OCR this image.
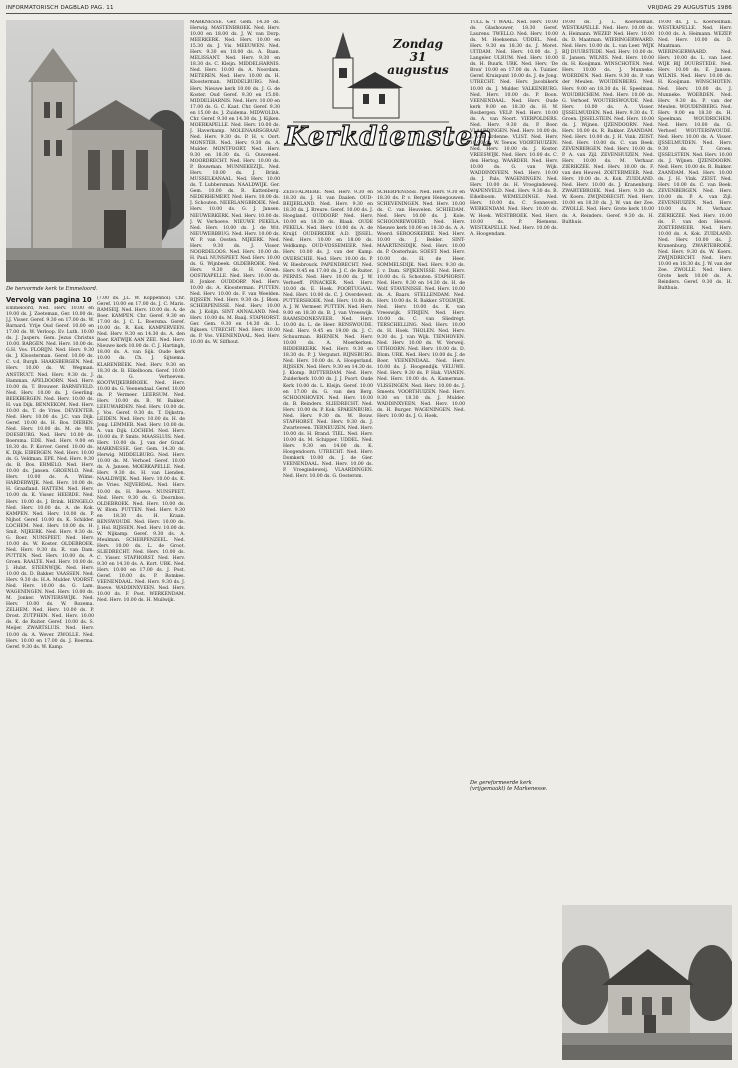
INFORMATORISCH DAGBLAD PAG. 11	VRIJDAG 29 AUGUSTUS 1986
De hervormde kerk te Emmeloord.
Vervolg van pagina 10
Emmeloord, Ned. Herv. 10.00 en 19.00 ds. J. Zoeteman, Ger. 10.00 ds. J.J. Visser. Geref. 9.30 en 17.00 ds. W. Barnard. Vrije Oud Geref. 10.00 en 17.00 ds. W. Verloop. Ev. Luth. 10.00 ds. J. Jaspers. Gem. Jezus Christus 10.00. BARGEN. Ned. Herv. 10.00 ds. G.H. Vos. FLORIJN. Ned. Herv. 9.30 ds. J. Kloosterman. Geref. 10.00 ds. C. v.d. Burgh. HAAKSBERGEN. Ned. Herv. 10.00 ds. W. Wegman. ANSTRUCT. Ned. Herv. 9.30 ds. J. Hamman. APELDOORN. Ned. Herv. 10.00 ds. T. Brouwer. BARNEVELD. Ned. Herv. 10.00 ds. J. Geerling. BEEKBERGEN. Ned. Herv. 10.00 ds. H. van Dijk. BENNEKOM. Ned. Herv. 10.00 ds. T. de Vries. DEVENTER. Ned. Herv. 10.00 ds. J.C. van Dijk. Geref. 10.00 ds. H. Bos. DIEREN. Ned. Herv. 10.00 ds. M. de Wit. DOESBURG. Ned. Herv. 10.00 ds. Boersma. EDE. Ned. Herv. 9.00 en 18.30 ds. P. Korver. Geref. 10.00 ds. K. Dijk. EIBERGEN. Ned. Herv. 10.00 ds. G. Veldman. EPE. Ned. Herv. 9.30 ds. B. Bos. ERMELO. Ned. Herv. 10.00 ds. Jansen. GROENLO. Ned. Herv. 10.00 ds. A. Wilms. HARDERWIJK. Ned. Herv. 10.00 ds. H. Graafland. HATTEM. Ned. Herv. 10.00 ds. K. Visser. HEERDE. Ned. Herv. 10.00 ds. J. Brink. HENGELO. Ned. Herv. 10.00 ds. A. de Kok. KAMPEN. Ned. Herv. 10.00 ds. P. Nijhof. Geref. 10.00 ds. K. Schilder. LOCHEM. Ned. Herv. 10.00 ds. H. Smit. NIJKERK. Ned. Herv. 9.30 ds. G. Boer. NUNSPEET. Ned. Herv. 10.00 ds. W. Koster. OLDEBROEK. Ned. Herv. 9.30 ds. R. van Dam. PUTTEN. Ned. Herv. 10.00 ds. A. Groen. RAALTE. Ned. Herv. 10.00 ds. J. Hulst. STEENWIJK. Ned. Herv. 10.00 ds. D. Bakker. VAASSEN. Ned. Herv. 9.30 ds. H.A. Mulder. VOORST. Ned. Herv. 10.00 ds. G. Lam. WAGENINGEN. Ned. Herv. 10.00 ds. M. Jonker. WINTERSWIJK. Ned. Herv. 10.00 ds. W. Rozema. ZELHEM. Ned. Herv. 10.00 ds. P. Drost. ZUTPHEN. Ned. Herv. 10.00 ds. K. de Ruiter. Geref. 10.00 ds. S. Meijer. ZWARTSLUIS. Ned. Herv. 10.00 ds. A. Wever. ZWOLLE. Ned. Herv. 10.00 en 17.00 ds. J. Boerma. Geref. 9.30 ds. W. Kamp.
(7.00 ds. J.L. W. Koppenhol). Chr. Geref. 10.00 en 17.00 ds. J. C. Maris. RAMSEIJ. Ned. Herv. 10.00 ds. A. de Boer. KAMPEN. Chr. Geref. 9.30 en 17.00 ds. J. C. L. Boersma. Geref. 10.00 ds. R. Kok. KAMPERVEEN. Ned. Herv. 9.30 en 14.30 ds. A. den Boer. KATWIJK AAN ZEE. Ned. Herv. Nieuwe kerk 10.00 ds. C. J. Hartingh, 18.00 ds. A. van Sijk. Oude kerk 10.00 ds. Ch. J. Sijtsema. KLARENBEEK. Ned. Herv. 9.30 en 18.30 ds. B. Eikelboom. Geref. 10.00 ds. G. Verhoeven. KOOTWIJKERBROEK. Ned. Herv. 10.00 ds. G. Veenendaal. Geref. 10.00 ds. P. Vermeer. LEERSUM. Ned. Herv. 10.00 ds. B. W. Bakker. LEEUWARDEN. Ned. Herv. 10.00 ds. J. Vos. Geref. 9.30 ds. T. Dijkstra. LEIDEN. Ned. Herv. 10.00 ds. H. de Jong. LEMMER. Ned. Herv. 10.00 ds. A. van Dijk. LOCHEM. Ned. Herv. 10.00 ds. P. Smits. MAASSLUIS. Ned. Herv. 10.00 ds. J. van der Graaf. MARKNESSE. Ger. Gem. 14.30 ds. Herwig. MIDDELBURG. Ned. Herv. 10.00 ds. M. Verhoef. Geref. 10.00 ds. A. Jansen. MOERKAPELLE. Ned. Herv. 9.30 ds. H. van Lienden. NAALDWIJK. Ned. Herv. 10.00 ds. K. de Vries. NIJVERDAL. Ned. Herv. 10.00 ds. H. Boeve. NUNSPEET. Ned. Herv. 9.30 ds. G. Doornbos. OLDEBROEK. Ned. Herv. 10.00 ds. W. Blom. PUTTEN. Ned. Herv. 9.30 en 18.30 ds. H. Kraan. RENSWOUDE. Ned. Herv. 10.00 ds. J. Hol. RIJSSEN. Ned. Herv. 10.00 ds. W. Nijkamp. Geref. 9.30 ds. A. Meulman. SCHERPENZEEL. Ned. Herv. 10.00 ds. L. de Groot. SLIEDRECHT. Ned. Herv. 10.00 ds. C. Visser. STAPHORST. Ned. Herv. 9.30 en 14.30 ds. A. Kort. URK. Ned. Herv. 10.00 en 17.00 ds. J. Post. Geref. 10.00 ds. P. Romkes. VEENENDAAL. Ned. Herv. 9.30 ds. J. Boeve. WADDINXVEEN. Ned. Herv. 10.00 ds. F. Post. WERKENDAM. Ned. Herv. 10.00 ds. H. Muilwijk.
MARKNESSE. Ger. Gem. 14.30 ds. Herwig. MASTENBROEK. Ned. Herv. 10.00 en 18.00 ds. J. W. van Dorp. MEERKERK. Ned. Herv. 10.00 en 15.30 ds. J. Vis. MEEUWEN. Ned. Herv. 9.30 en 18.00 ds. A. Baan. MELISSANT. Ned. Herv. 9.30 en 18.30 ds. C. Kleijn. MIDDELHARNIS. Ned. Herv. 10.00 ds. A. Noordam. METEREN. Ned. Herv. 10.00 ds. H. Kloosterman. MIDDELBURG. Ned. Herv. Nieuwe kerk 10.00 ds. J. G. de Koster. Oud Geref. 9.30 en 15.00. MIDDELHARNIS. Ned. Herv. 10.00 en 17.00 ds. G. C. Kaat. Chr. Geref. 9.30 en 15.00 ds. J. Zuidema. MIDWOLDA. Chr. Geref. 9.30 en 14.30 ds. J. Kijken. MOERKAPELLE. Ned. Herv. 10.00 ds. J. Haverkamp. MOLENAARSGRAAF. Ned. Herv. 9.30 ds. P. H. v. Oort. MONSTER. Ned. Herv. 9.30 ds. A. Mulder. MONTFOORT. Ned. Herv. 9.30 en 18.30 ds. G. Ouweneel. MOORDRECHT. Ned. Herv. 10.00 ds. P. Bouwman. MUNNEKEZIJL. Ned. Herv. 10.00 ds. J. Brink. MUSSELKANAAL. Ned. Herv. 10.00 ds. T. Lubbersman. NAALDWIJK. Ger. Gem. 10.00 ds. R. Kattenberg. NEDERHEMERT. Ned. Herv. 10.00 ds. J. Schouten. NEERLANGBROEK. Ned. Herv. 10.00 ds. G. J. Jansen. NIEUWERKERK. Ned. Herv. 10.00 ds. J. W. Verhoeve. NIEUWE PEKELA. Ned. Herv. 10.00 ds. J. de Wit. NIEUWERBRUG. Ned. Herv. 10.00 ds. W. P. van Oosten. NIJKERK. Ned. Herv. 9.30 ds. J. Visser. NOORDELOOS. Ned. Herv. 10.00 ds. H. Paul. NUNSPEET. Ned. Herv. 10.00 ds. G. Wijnbeek. OLDEBROEK. Ned. Herv. 9.30 ds. H. Groen. OOSTKAPELLE. Ned. Herv. 10.00 ds. B. Jonker. OUDDORP. Ned. Herv. 10.00 ds. A. Kloosterman. PUTTEN. Ned. Herv. 10.00 ds. F. van Weelden. RIJSSEN. Ned. Herv. 9.30 ds. J. Blom. SCHERPENISSE. Ned. Herv. 10.00 ds. J. Kolijn. SINT ANNALAND. Ned. Herv. 10.00 ds. M. Baaij. STAPHORST. Ger. Gem. 9.30 en 14.30 ds. L. Rijksen. UTRECHT. Ned. Herv. 10.00 ds. P. Vos. VEENENDAAL. Ned. Herv. 10.00 ds. W. Silfhout.
Zondag
31 augustus
Kerkdiensten
ZEIST-ALMERE. Ned. Herv. 9.30 en 18.30 ds. J. H. van Daalen. OUD-BEIJERLAND. Ned. Herv. 9.30 en 18.30 ds. J. Breure. Geref. 10.00 ds. J. Hoogland. OUDDORP. Ned. Herv. 10.00 en 18.30 ds. Blaak. OUDE PEKELA. Ned. Herv. 10.00 ds. A. de Kruijf. OUDERKERK A.D. IJSSEL. Ned. Herv. 10.00 en 18.00 ds. Veldkamp. OUD-VOSSEMEER. Ned. Herv. 10.00 ds. J. van der Kamp. OVERSCHIE. Ned. Herv. 10.00 ds. P. W. Biesbrouck. PAPENDRECHT. Ned. Herv. 9.45 en 17.00 ds. J. C. de Ruiter. PERNIS. Ned. Herv. 10.00 ds. J. W. Verhoeff. PINACKER. Ned. Herv. 10.00 ds. E. Hoek. POORTUGAAL. Ned. Herv. 10.00 ds. C. J. Overdevest. PUTTERSHOEK. Ned. Herv. 10.00 ds. A. J. W. Vermeer. PUTTEN. Ned. Herv. 9.00 en 18.30 ds. B. J. van Vreeswijk. RAAMSDONKSVEER. Ned. Herv. 10.00 ds. L. de Heer. RENSWOUDE. Ned. Herv. 9.45 en 19.00 ds. J. C. Schuurman. RHENEN. Ned. Herv. 10.00 ds. A. Moerkerken. RIDDERKERK. Ned. Herv. 9.30 en 18.30 ds. P. J. Vergunst. RIJNSBURG. Ned. Herv. 10.00 ds. A. Hoogerland. RIJSSEN. Ned. Herv. 9.30 en 14.30 ds. J. Klomp. ROTTERDAM. Ned. Herv. Zuiderkerk 10.00 ds. J. J. Poort. Oude Kerk 10.00 ds. L. Kleijn. Geref. 10.00 en 17.00 ds. G. van den Berg. SCHOONHOVEN. Ned. Herv. 10.00 ds. B. Reinders. SLIEDRECHT. Ned. Herv. 10.00 ds. P. Kok. SPAKENBURG. Ned. Herv. 9.30 ds. W. Bouw. STAPHORST. Ned. Herv. 9.30 ds. J. Zwarteveen. TERNEUZEN. Ned. Herv. 10.00 ds. H. Brand. TIEL. Ned. Herv. 10.00 ds. M. Schipper. UDDEL. Ned. Herv. 9.30 en 14.00 ds. K. Hoogendoorn. UTRECHT. Ned. Herv. Domkerk 10.00 ds. J. de Gier. VEENENDAAL. Ned. Herv. 10.00 ds. P. Vroegindeweij. VLAARDINGEN. Ned. Herv. 10.00 ds. G. Oosterom.
SCHERPENISSE. Ned. Herv. 9.30 en 18.30 ds. P. v. Bergen Henegouwen. SCHEVENINGEN. Ned. Herv. 10.00 ds. C. van Heuvelen. SCHIEDAM. Ned. Herv. 10.00 ds. J. Kole. SCHOONREWOERD. Ned. Herv. Nieuwe kerk 10.00 en 18.30 ds. A. A. Woerd. SEROOSKERKE. Ned. Herv. 10.00 ds. J. Belder. SINT-MAARTENSDIJK. Ned. Herv. 10.00 ds. P. Oosterhuis. SOEST. Ned. Herv. 10.00 ds. H. de Heer. SOMMELSDIJK. Ned. Herv. 9.30 ds. J. v. Dam. SPIJKENISSE. Ned. Herv. 10.00 ds. G. Schouten. STAPHORST. Ned. Herv. 9.30 en 14.30 ds. H. de Wolf. STAVENISSE. Ned. Herv. 10.00 ds. A. Baars. STELLENDAM. Ned. Herv. 10.00 ds. R. Bakker. STOLWIJK. Ned. Herv. 10.00 ds. K. van Vreeswijk. STRIJEN. Ned. Herv. 10.00 ds. C. van Sliedregt. TERSCHELLING. Ned. Herv. 10.00 ds. H. Hoek. THOLEN. Ned. Herv. 9.30 ds. J. van Wijk. TIENHOVEN. Ned. Herv. 10.00 ds. W. Verweij. UITHOORN. Ned. Herv. 10.00 ds. D. Blom. URK. Ned. Herv. 10.00 ds. J. de Boer. VEENENDAAL. Ned. Herv. 10.00 ds. J. Hoogendijk. VELUWE. Ned. Herv. 9.30 ds. P. Hak. VIANEN. Ned. Herv. 10.00 ds. A. Kamerman. VLISSINGEN. Ned. Herv. 10.00 ds. J. Smeets. VOORTHUIZEN. Ned. Herv. 9.30 en 18.30 ds. J. Mulder. WADDINXVEEN. Ned. Herv. 10.00 ds. H. Burger. WAGENINGEN. Ned. Herv. 10.00 ds. J. G. Hoek.
TULL & 'T WAAL. Ned. Herv. 10.00 ds. Glashouwer, 18.30 Geref. Laurens. TWELLO. Ned. Herv. 10.00 ds. M. Hoeksema. UDDEL. Ned. Herv. 9.30 en 18.30 ds. J. Moret. UITDAM. Ned. Herv. 10.00 ds. J. Langeler. ULRUM. Ned. Herv. 10.00 ds. H. Buurk. URK. Ned. Herv. 'De Bron' 10.00 en 17.00 ds. A. Tuinier. Geref. Kruispunt 10.00 ds. J. de Jong. UTRECHT. Ned. Herv. Jacobikerk 10.00 ds. J. Mulder. VALKENBURG. Ned. Herv. 10.00 ds. P. Boon. VEENENDAAL. Ned. Herv. Oude kerk 9.00 en 18.30 ds. H. W. Rosbergen. VELP. Ned. Herv. 10.00 ds. A. van Noort. VIERPOLDERS. Ned. Herv. 9.30 ds. P. Boer. VLAARDINGEN. Ned. Herv. 10.00 ds. J. van Ardenne. VLIST. Ned. Herv. 10.00 ds. W. Teeuw. VOORTHUIZEN. Ned. Herv. 10.00 ds. J. Koster. VREESWIJK. Ned. Herv. 10.00 ds. C. den Hertog. WAARDER. Ned. Herv. 10.00 ds. G. van Wijk. WADDINXVEEN. Ned. Herv. 10.00 ds. J. Pals. WAGENINGEN. Ned. Herv. 10.00 ds. H. Vroegindeweij. WAPENVELD. Ned. Herv. 9.30 ds. B. Eikelboom. WEMELDINGE. Ned. Herv. 10.00 ds. C. Sonnevelt. WERKENDAM. Ned. Herv. 10.00 ds. W. Hoek. WESTBROEK. Ned. Herv. 10.00 ds. P. Riemens. WESTKAPELLE. Ned. Herv. 10.00 ds. A. Hoogendam.
19.00 ds. J. L. Koerselman. WESTKAPELLE. Ned. Herv. 10.00 ds. A. Heimann. WEZEP. Ned. Herv. 10.00 ds. D. Maatman. WIERINGERWAARD. Ned. Herv. 10.00 ds. L. van Leer. WIJK BIJ DUURSTEDE. Ned. Herv. 10.00 ds. E. Jansen. WILNIS. Ned. Herv. 10.00 ds. H. Kooijman. WINSCHOTEN. Ned. Herv. 10.00 ds. J. Munneke. WOERDEN. Ned. Herv. 9.30 ds. P. van der Meulen. WOUDENBERG. Ned. Herv. 9.00 en 18.30 ds. H. Speelman. WOUDRICHEM. Ned. Herv. 10.00 ds. G. Verhoef. WOUTERSWOUDE. Ned. Herv. 10.00 ds. A. Visser. IJSSELMUIDEN. Ned. Herv. 9.30 ds. T. Groen. IJSSELSTEIN. Ned. Herv. 10.00 ds. J. Wijnen. IJZENDOORN. Ned. Herv. 10.00 ds. R. Bakker. ZAANDAM. Ned. Herv. 10.00 ds. J. H. Vink. ZEIST. Ned. Herv. 10.00 ds. C. van Beek. ZEVENBERGEN. Ned. Herv. 10.00 ds. P. A. van Zijl. ZEVENHUIZEN. Ned. Herv. 10.00 ds. M. Verhaar. ZIERIKZEE. Ned. Herv. 10.00 ds. F. van den Heuvel. ZOETERMEER. Ned. Herv. 10.00 ds. A. Kok. ZUIDLAND. Ned. Herv. 10.00 ds. J. Kranenburg. ZWARTEBROEK. Ned. Herv. 9.30 ds. W. Koers. ZWIJNDRECHT. Ned. Herv. 10.00 en 18.30 ds. J. W. van der Zee. ZWOLLE. Ned. Herv. Grote kerk 10.00 ds. A. Reinders. Geref. 9.30 ds. H. Bulthuis.
19.00 ds. J. L. Koerselman. WESTKAPELLE. Ned. Herv. 10.00 ds. A. Heimann. WEZEP. Ned. Herv. 10.00 ds. D. Maatman. WIERINGERWAARD. Ned. Herv. 10.00 ds. L. van Leer. WIJK BIJ DUURSTEDE. Ned. Herv. 10.00 ds. E. Jansen. WILNIS. Ned. Herv. 10.00 ds. H. Kooijman. WINSCHOTEN. Ned. Herv. 10.00 ds. J. Munneke. WOERDEN. Ned. Herv. 9.30 ds. P. van der Meulen. WOUDENBERG. Ned. Herv. 9.00 en 18.30 ds. H. Speelman. WOUDRICHEM. Ned. Herv. 10.00 ds. G. Verhoef. WOUTERSWOUDE. Ned. Herv. 10.00 ds. A. Visser. IJSSELMUIDEN. Ned. Herv. 9.30 ds. T. Groen. IJSSELSTEIN. Ned. Herv. 10.00 ds. J. Wijnen. IJZENDOORN. Ned. Herv. 10.00 ds. R. Bakker. ZAANDAM. Ned. Herv. 10.00 ds. J. H. Vink. ZEIST. Ned. Herv. 10.00 ds. C. van Beek. ZEVENBERGEN. Ned. Herv. 10.00 ds. P. A. van Zijl. ZEVENHUIZEN. Ned. Herv. 10.00 ds. M. Verhaar. ZIERIKZEE. Ned. Herv. 10.00 ds. F. van den Heuvel. ZOETERMEER. Ned. Herv. 10.00 ds. A. Kok. ZUIDLAND. Ned. Herv. 10.00 ds. J. Kranenburg. ZWARTEBROEK. Ned. Herv. 9.30 ds. W. Koers. ZWIJNDRECHT. Ned. Herv. 10.00 en 18.30 ds. J. W. van der Zee. ZWOLLE. Ned. Herv. Grote kerk 10.00 ds. A. Reinders. Geref. 9.30 ds. H. Bulthuis.
De gereformeerde kerk (vrijgemaakt) te Markenesse.
